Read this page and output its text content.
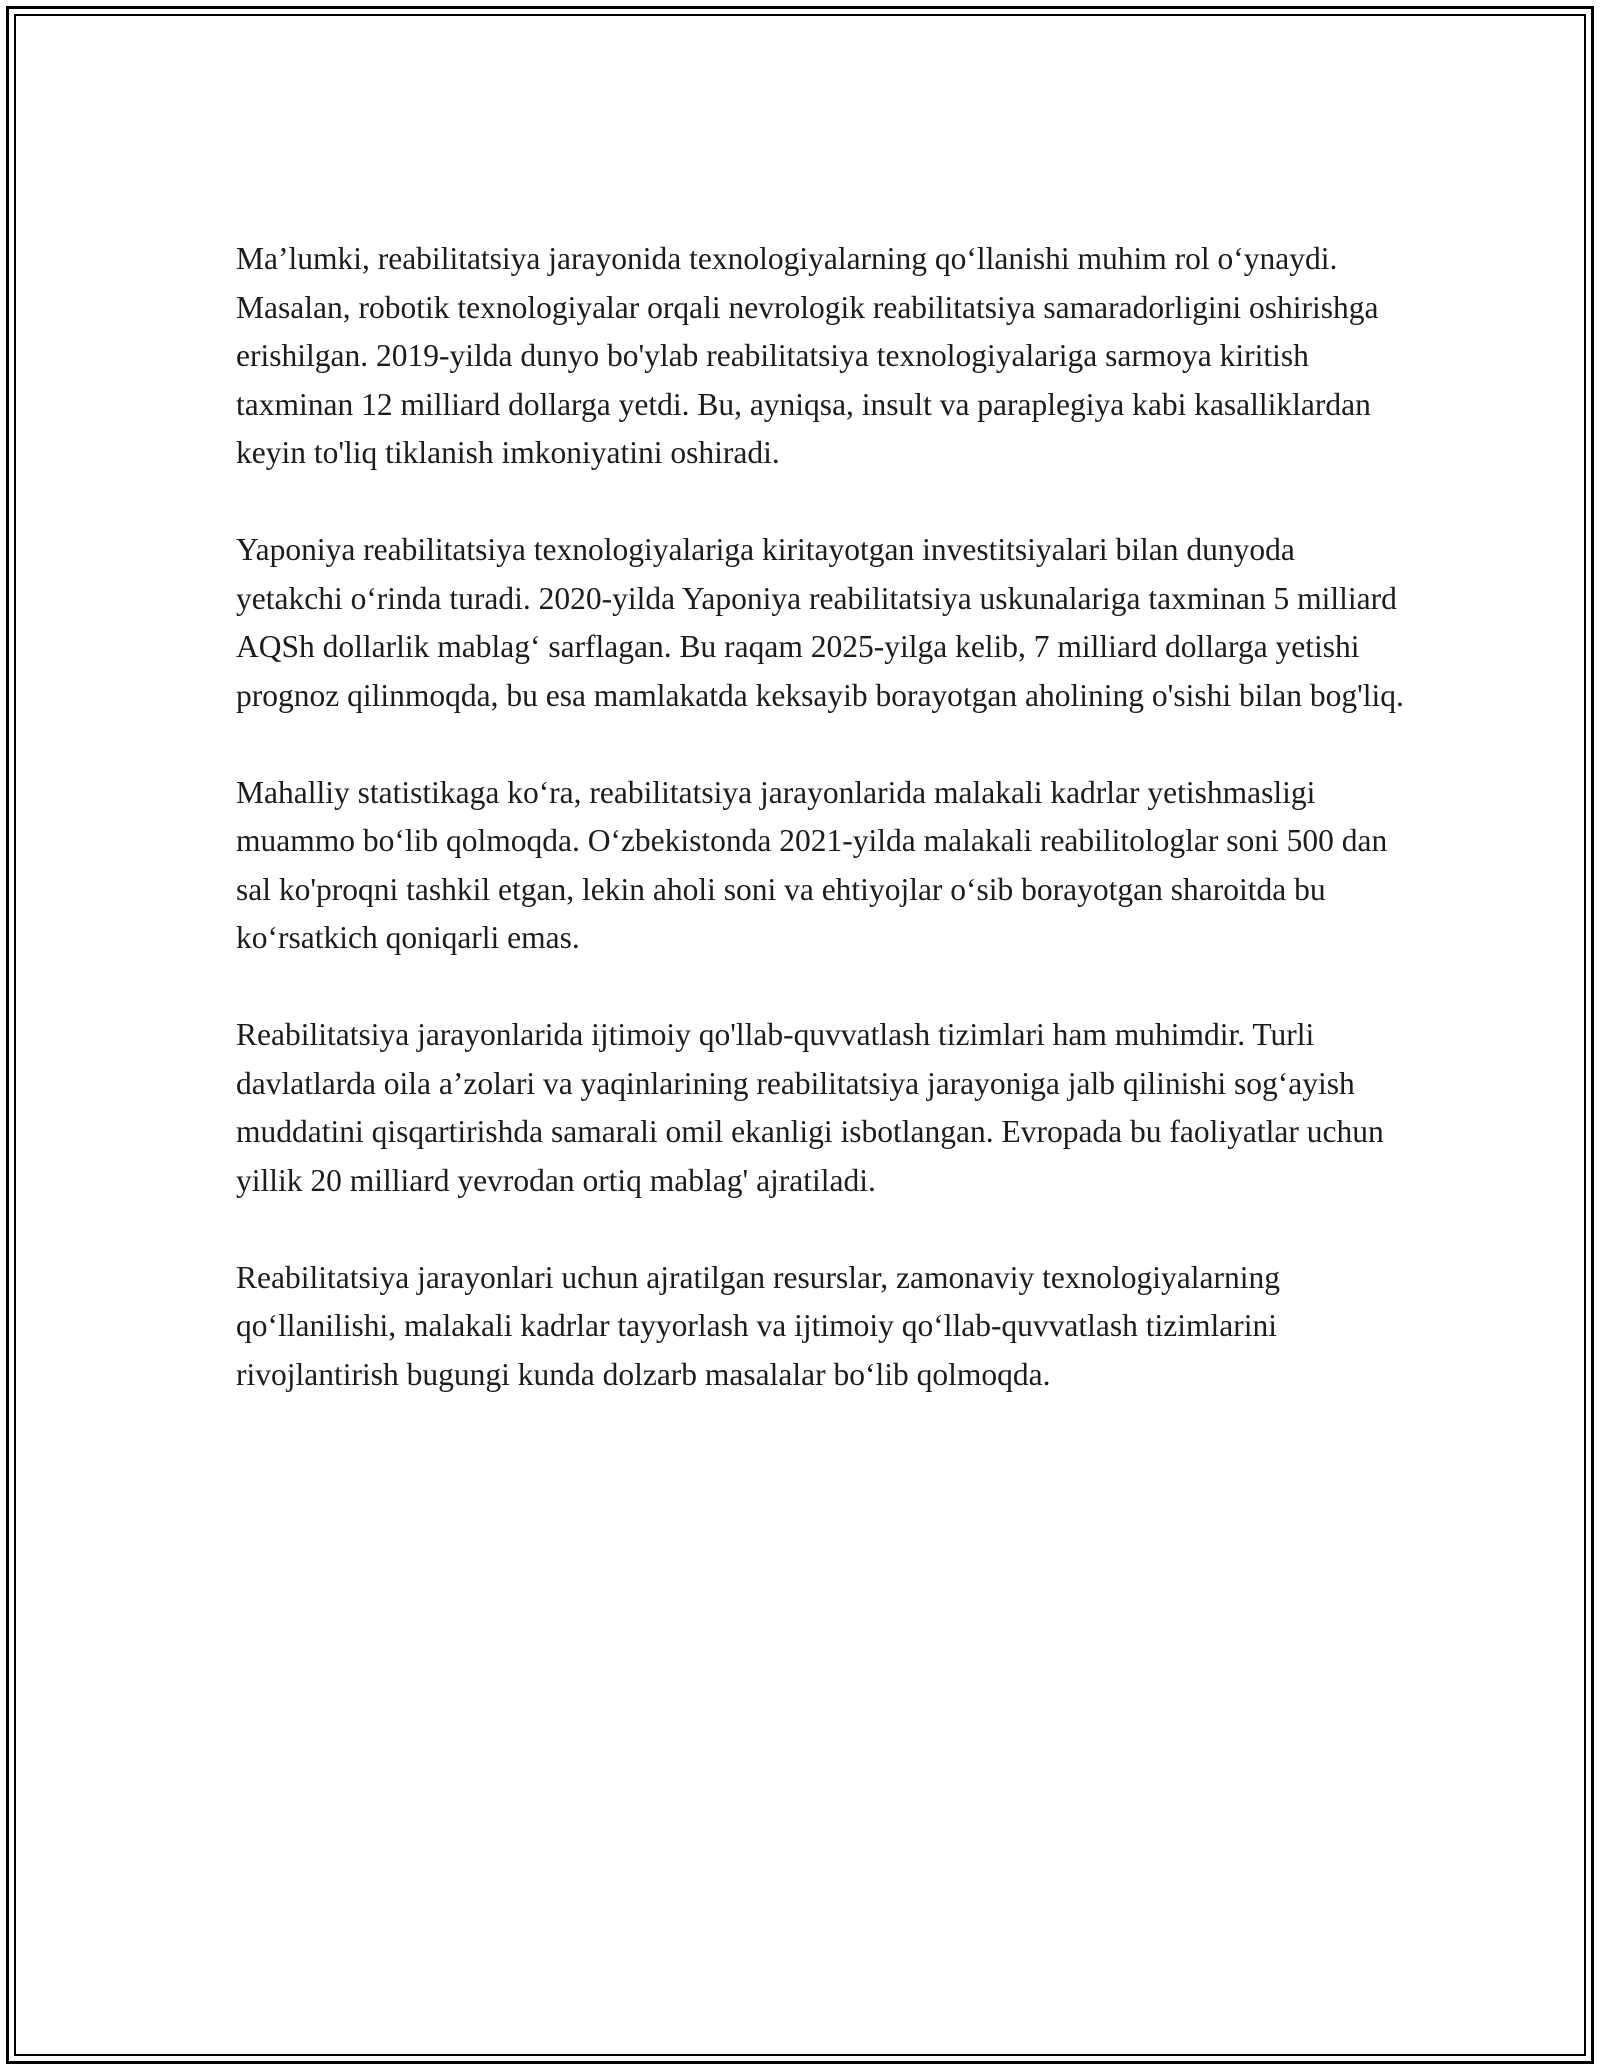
Ma’lumki, reabilitatsiya jarayonida texnologiyalarning qo‘llanishi muhim rol o‘ynaydi. Masalan, robotik texnologiyalar orqali nevrologik reabilitatsiya samaradorligini oshirishga erishilgan. 2019-yilda dunyo bo'ylab reabilitatsiya texnologiyalariga sarmoya kiritish taxminan 12 milliard dollarga yetdi. Bu, ayniqsa, insult va paraplegiya kabi kasalliklardan keyin to'liq tiklanish imkoniyatini oshiradi.

Yaponiya reabilitatsiya texnologiyalariga kiritayotgan investitsiyalari bilan dunyoda yetakchi o‘rinda turadi. 2020-yilda Yaponiya reabilitatsiya uskunalariga taxminan 5 milliard AQSh dollarlik mablag‘ sarflagan. Bu raqam 2025-yilga kelib, 7 milliard dollarga yetishi prognoz qilinmoqda, bu esa mamlakatda keksayib borayotgan aholining o'sishi bilan bog'liq.

Mahalliy statistikaga ko‘ra, reabilitatsiya jarayonlarida malakali kadrlar yetishmasligi muammo bo‘lib qolmoqda. O‘zbekistonda 2021-yilda malakali reabilitologlar soni 500 dan sal ko'proqni tashkil etgan, lekin aholi soni va ehtiyojlar o‘sib borayotgan sharoitda bu ko‘rsatkich qoniqarli emas.

Reabilitatsiya jarayonlarida ijtimoiy qo'llab-quvvatlash tizimlari ham muhimdir. Turli davlatlarda oila a’zolari va yaqinlarining reabilitatsiya jarayoniga jalb qilinishi sog‘ayish muddatini qisqartirishda samarali omil ekanligi isbotlangan. Evropada bu faoliyatlar uchun yillik 20 milliard yevrodan ortiq mablag' ajratiladi.

Reabilitatsiya jarayonlari uchun ajratilgan resurslar, zamonaviy texnologiyalarning qo‘llanilishi, malakali kadrlar tayyorlash va ijtimoiy qo‘llab-quvvatlash tizimlarini rivojlantirish bugungi kunda dolzarb masalalar bo‘lib qolmoqda.
